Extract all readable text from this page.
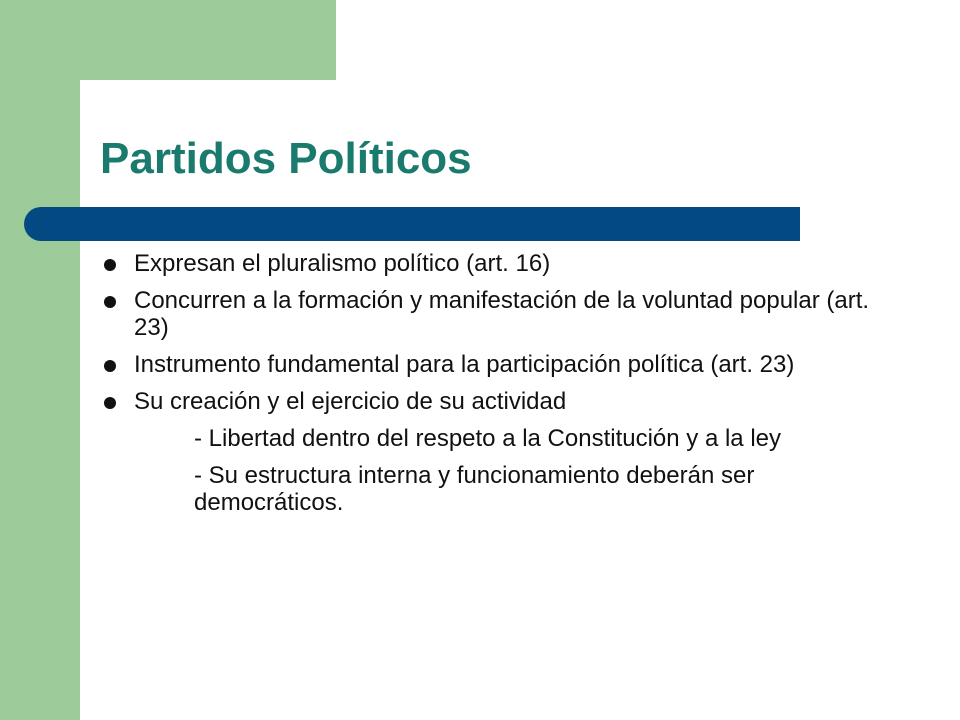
Partidos Políticos
Expresan el pluralismo político (art. 16)
Concurren a la formación y manifestación de la voluntad popular (art. 23)
Instrumento fundamental para la participación política (art. 23)
Su creación y el ejercicio de su actividad
- Libertad dentro del respeto a la Constitución y a la ley
- Su estructura interna y funcionamiento deberán ser democráticos.
